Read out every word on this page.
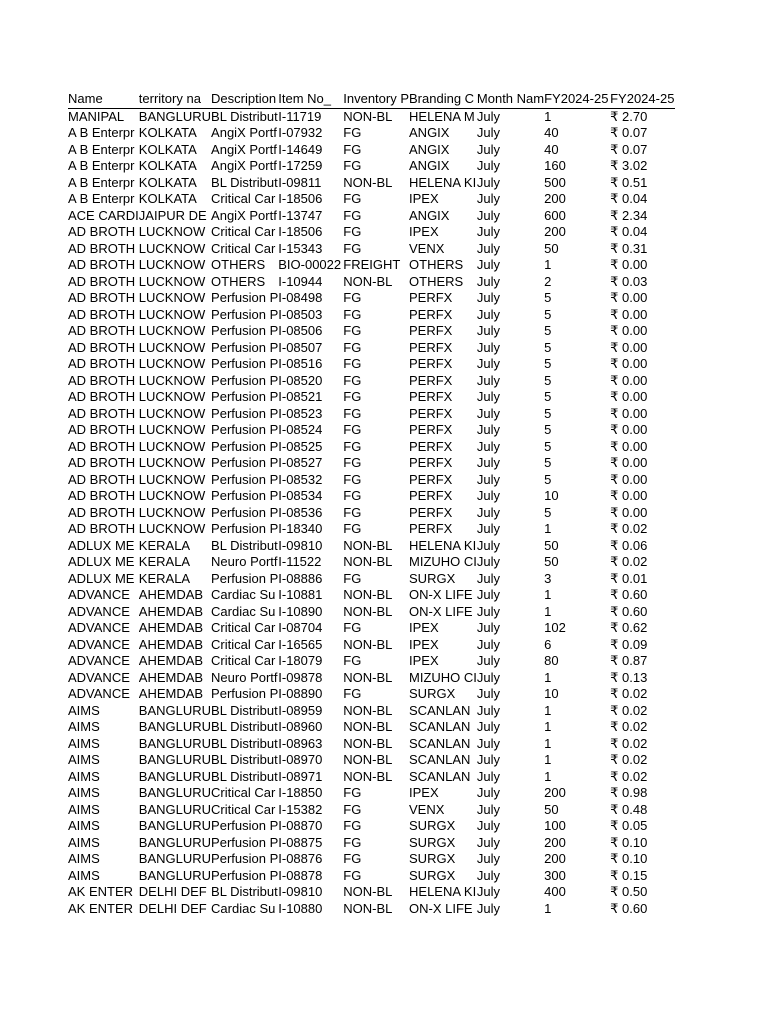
Name	territory na	Description	Item No_	Inventory P	Branding C	Month Nam	FY2024-25	FY2024-25
MANIPAL	BANGLURU	BL Distribut	I-11719	NON-BL	HELENA M	July	1	₹ 2.70
A B Enterpr	KOLKATA	AngiX Portf	I-07932	FG	ANGIX	July	40	₹ 0.07
A B Enterpr	KOLKATA	AngiX Portf	I-14649	FG	ANGIX	July	40	₹ 0.07
A B Enterpr	KOLKATA	AngiX Portf	I-17259	FG	ANGIX	July	160	₹ 3.02
A B Enterpr	KOLKATA	BL Distribut	I-09811	NON-BL	HELENA KI	July	500	₹ 0.51
A B Enterpr	KOLKATA	Critical Car	I-18506	FG	IPEX	July	200	₹ 0.04
ACE CARDI	JAIPUR DE	AngiX Portf	I-13747	FG	ANGIX	July	600	₹ 2.34
AD BROTH	LUCKNOW	Critical Car	I-18506	FG	IPEX	July	200	₹ 0.04
AD BROTH	LUCKNOW	Critical Car	I-15343	FG	VENX	July	50	₹ 0.31
AD BROTH	LUCKNOW	OTHERS	BIO-00022	FREIGHT	OTHERS	July	1	₹ 0.00
AD BROTH	LUCKNOW	OTHERS	I-10944	NON-BL	OTHERS	July	2	₹ 0.03
AD BROTH	LUCKNOW	Perfusion P	I-08498	FG	PERFX	July	5	₹ 0.00
AD BROTH	LUCKNOW	Perfusion P	I-08503	FG	PERFX	July	5	₹ 0.00
AD BROTH	LUCKNOW	Perfusion P	I-08506	FG	PERFX	July	5	₹ 0.00
AD BROTH	LUCKNOW	Perfusion P	I-08507	FG	PERFX	July	5	₹ 0.00
AD BROTH	LUCKNOW	Perfusion P	I-08516	FG	PERFX	July	5	₹ 0.00
AD BROTH	LUCKNOW	Perfusion P	I-08520	FG	PERFX	July	5	₹ 0.00
AD BROTH	LUCKNOW	Perfusion P	I-08521	FG	PERFX	July	5	₹ 0.00
AD BROTH	LUCKNOW	Perfusion P	I-08523	FG	PERFX	July	5	₹ 0.00
AD BROTH	LUCKNOW	Perfusion P	I-08524	FG	PERFX	July	5	₹ 0.00
AD BROTH	LUCKNOW	Perfusion P	I-08525	FG	PERFX	July	5	₹ 0.00
AD BROTH	LUCKNOW	Perfusion P	I-08527	FG	PERFX	July	5	₹ 0.00
AD BROTH	LUCKNOW	Perfusion P	I-08532	FG	PERFX	July	5	₹ 0.00
AD BROTH	LUCKNOW	Perfusion P	I-08534	FG	PERFX	July	10	₹ 0.00
AD BROTH	LUCKNOW	Perfusion P	I-08536	FG	PERFX	July	5	₹ 0.00
AD BROTH	LUCKNOW	Perfusion P	I-18340	FG	PERFX	July	1	₹ 0.02
ADLUX ME	KERALA	BL Distribut	I-09810	NON-BL	HELENA KI	July	50	₹ 0.06
ADLUX ME	KERALA	Neuro Portf	I-11522	NON-BL	MIZUHO CI	July	50	₹ 0.02
ADLUX ME	KERALA	Perfusion P	I-08886	FG	SURGX	July	3	₹ 0.01
ADVANCE	AHEMDAB	Cardiac Su	I-10881	NON-BL	ON-X LIFE	July	1	₹ 0.60
ADVANCE	AHEMDAB	Cardiac Su	I-10890	NON-BL	ON-X LIFE	July	1	₹ 0.60
ADVANCE	AHEMDAB	Critical Car	I-08704	FG	IPEX	July	102	₹ 0.62
ADVANCE	AHEMDAB	Critical Car	I-16565	NON-BL	IPEX	July	6	₹ 0.09
ADVANCE	AHEMDAB	Critical Car	I-18079	FG	IPEX	July	80	₹ 0.87
ADVANCE	AHEMDAB	Neuro Portf	I-09878	NON-BL	MIZUHO CI	July	1	₹ 0.13
ADVANCE	AHEMDAB	Perfusion P	I-08890	FG	SURGX	July	10	₹ 0.02
AIMS	BANGLURU	BL Distribut	I-08959	NON-BL	SCANLAN	July	1	₹ 0.02
AIMS	BANGLURU	BL Distribut	I-08960	NON-BL	SCANLAN	July	1	₹ 0.02
AIMS	BANGLURU	BL Distribut	I-08963	NON-BL	SCANLAN	July	1	₹ 0.02
AIMS	BANGLURU	BL Distribut	I-08970	NON-BL	SCANLAN	July	1	₹ 0.02
AIMS	BANGLURU	BL Distribut	I-08971	NON-BL	SCANLAN	July	1	₹ 0.02
AIMS	BANGLURU	Critical Car	I-18850	FG	IPEX	July	200	₹ 0.98
AIMS	BANGLURU	Critical Car	I-15382	FG	VENX	July	50	₹ 0.48
AIMS	BANGLURU	Perfusion P	I-08870	FG	SURGX	July	100	₹ 0.05
AIMS	BANGLURU	Perfusion P	I-08875	FG	SURGX	July	200	₹ 0.10
AIMS	BANGLURU	Perfusion P	I-08876	FG	SURGX	July	200	₹ 0.10
AIMS	BANGLURU	Perfusion P	I-08878	FG	SURGX	July	300	₹ 0.15
AK ENTER	DELHI DEF	BL Distribut	I-09810	NON-BL	HELENA KI	July	400	₹ 0.50
AK ENTER	DELHI DEF	Cardiac Su	I-10880	NON-BL	ON-X LIFE	July	1	₹ 0.60
